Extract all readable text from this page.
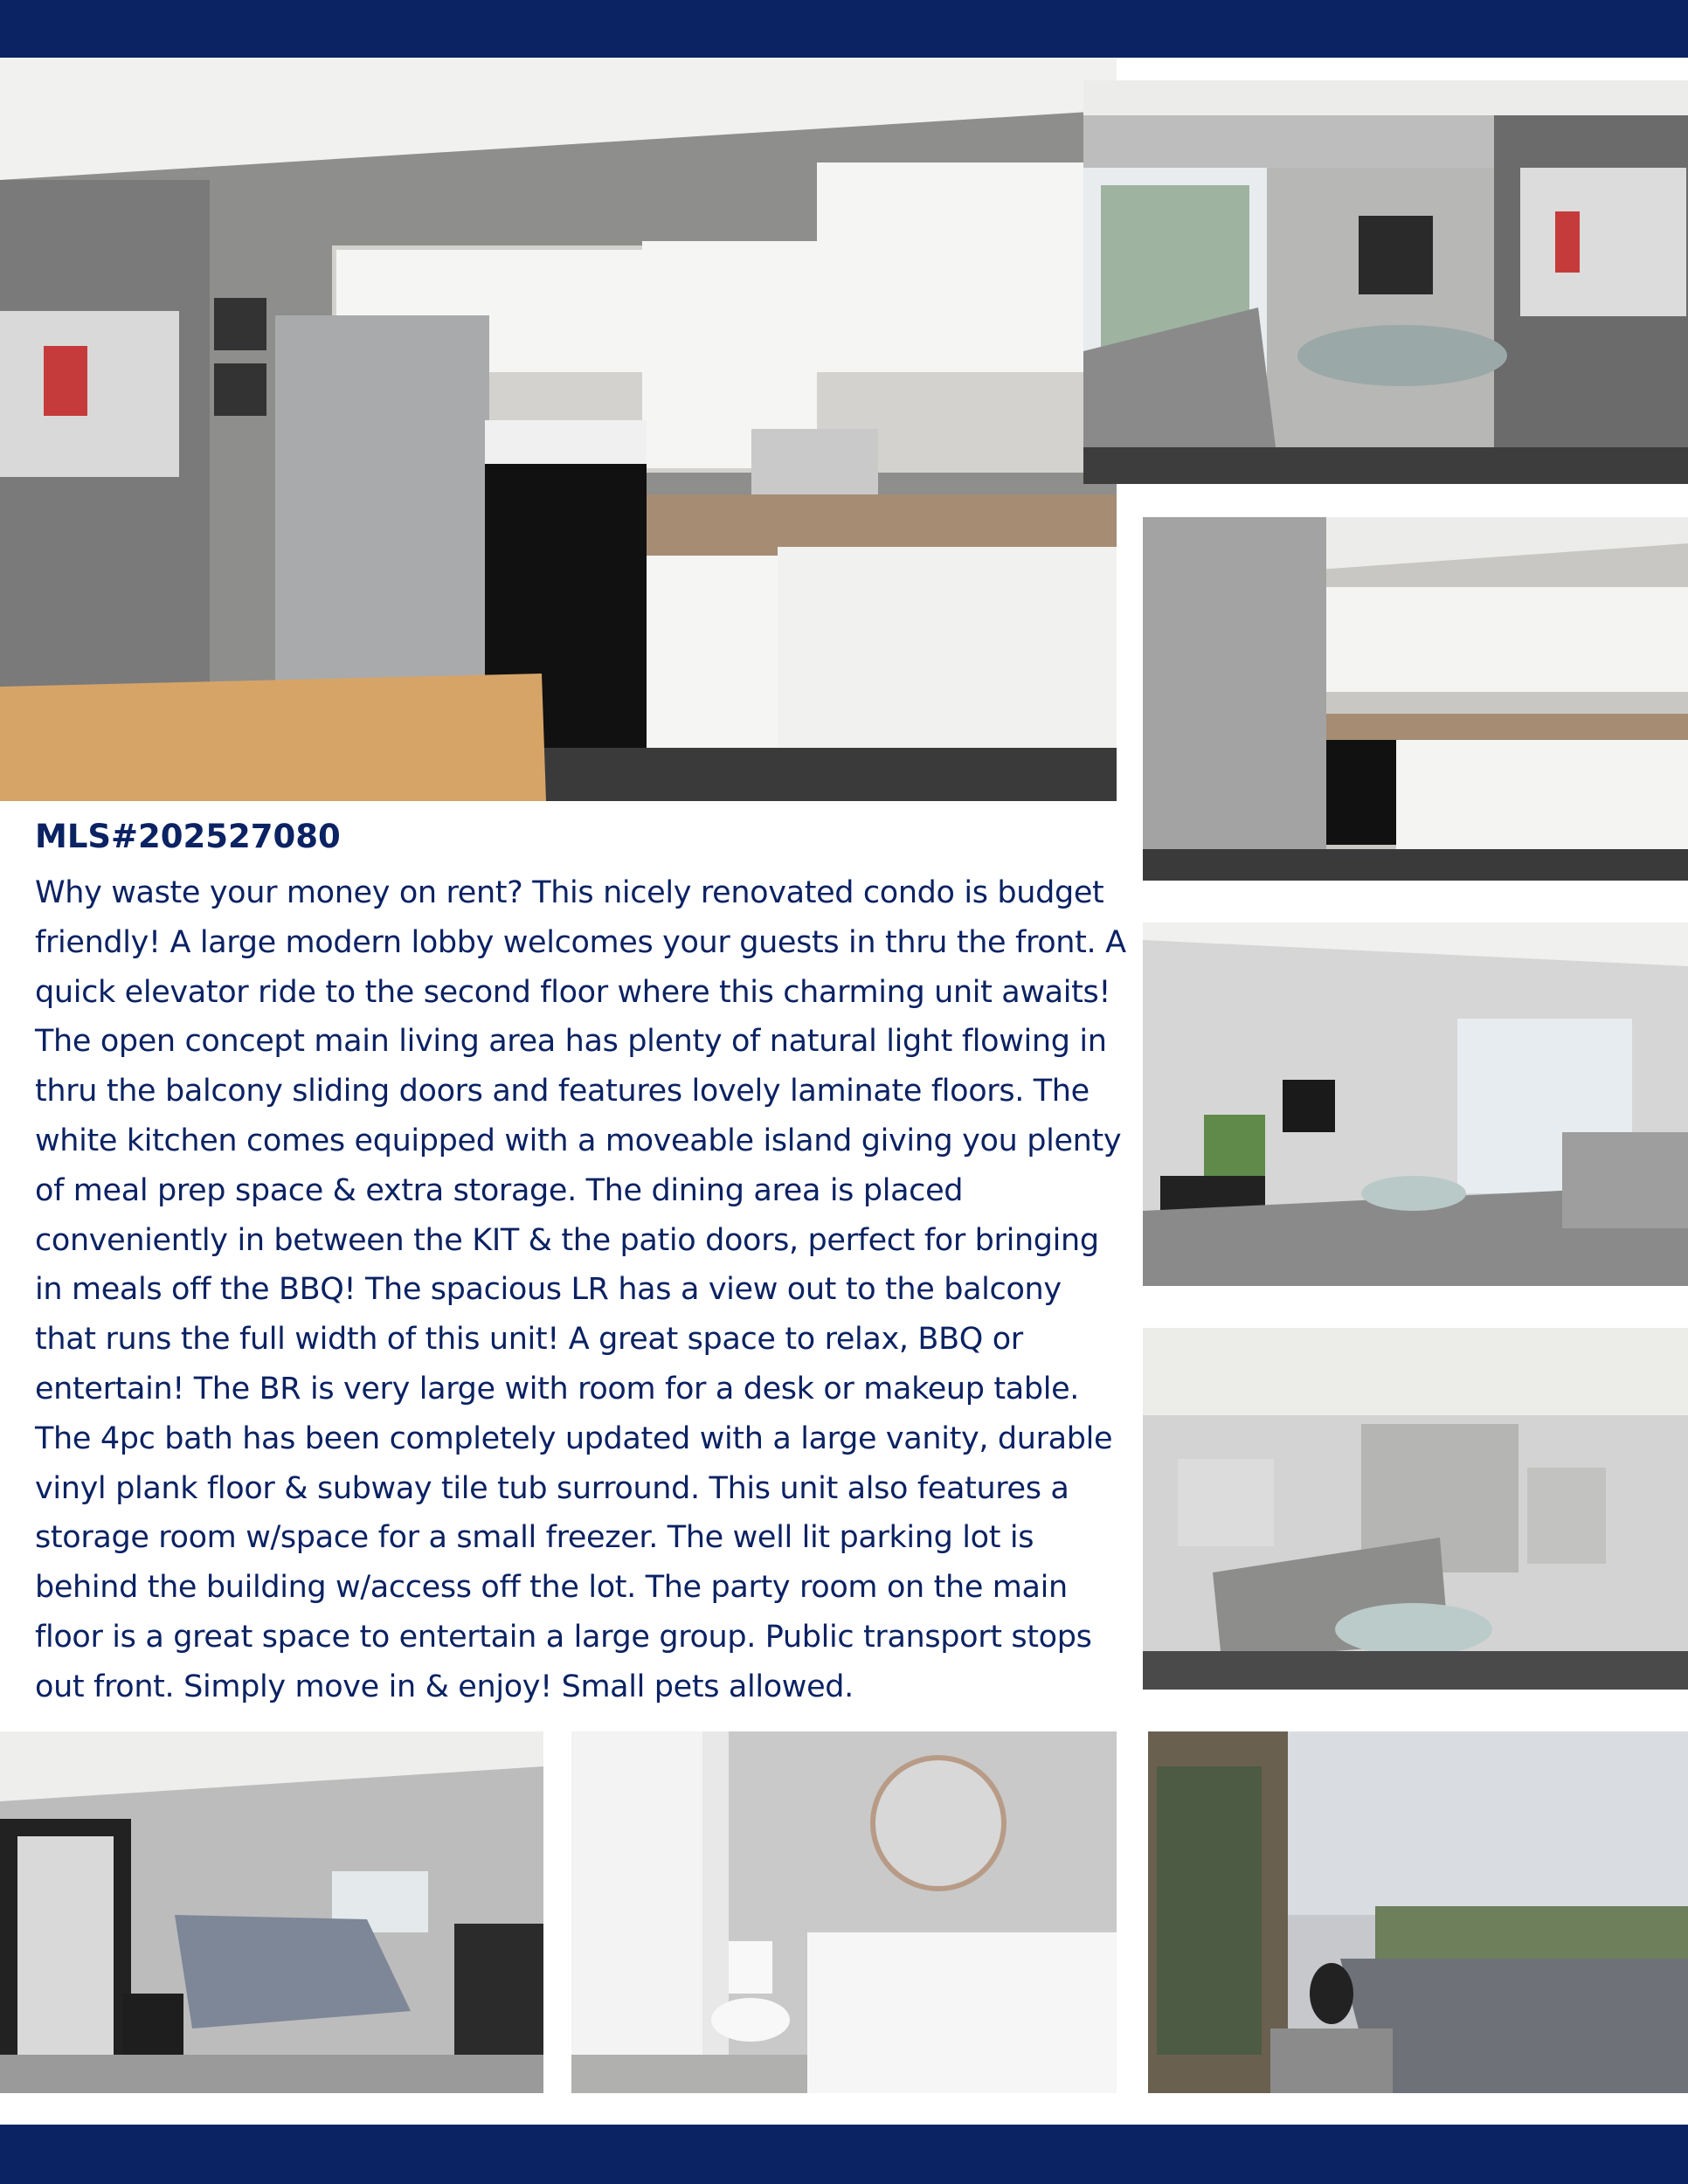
MLS#202527080

Why waste your money on rent? This nicely renovated condo is budget friendly! A large modern lobby welcomes your guests in thru the front. A quick elevator ride to the second floor where this charming unit awaits! The open concept main living area has plenty of natural light flowing in thru the balcony sliding doors and features lovely laminate floors. The white kitchen comes equipped with a moveable island giving you plenty of meal prep space & extra storage. The dining area is placed conveniently in between the KIT & the patio doors, perfect for bringing in meals off the BBQ! The spacious LR has a view out to the balcony that runs the full width of this unit! A great space to relax, BBQ or entertain! The BR is very large with room for a desk or makeup table. The 4pc bath has been completely updated with a large vanity, durable vinyl plank floor & subway tile tub surround. This unit also features a storage room w/space for a small freezer. The well lit parking lot is behind the building w/access off the lot. The party room on the main floor is a great space to entertain a large group. Public transport stops out front. Simply move in & enjoy! Small pets allowed.
